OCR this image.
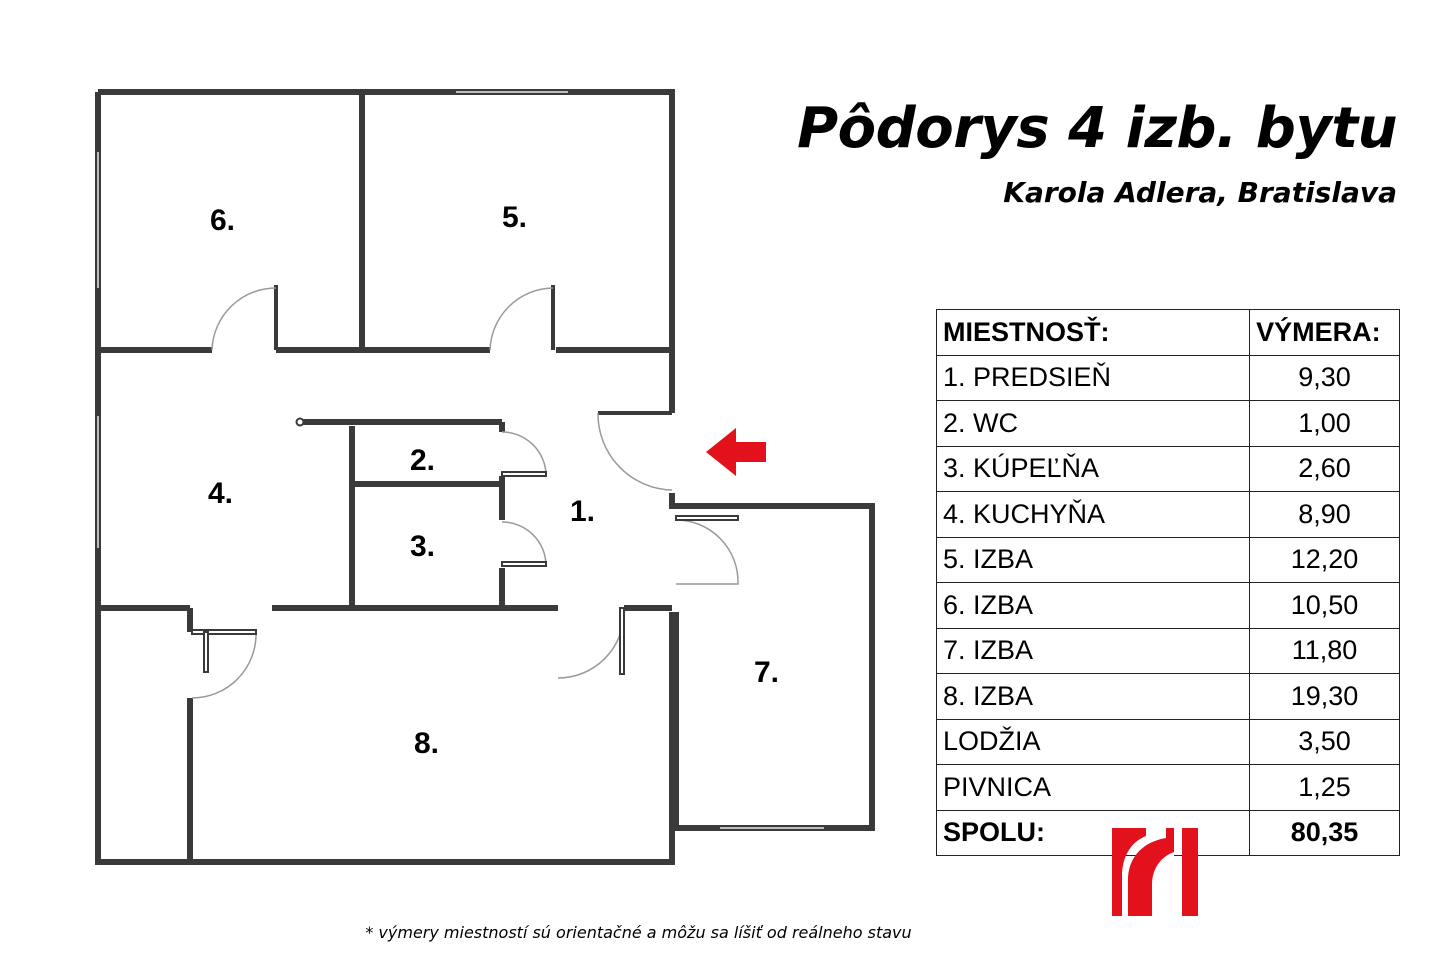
1.
2.
3.
4.
5.
6.
7.
8.
Pôdorys 4 izb. bytu
Karola Adlera, Bratislava
MIESTNOSŤ:	VÝMERA:
1. PREDSIEŇ	9,30
2. WC	1,00
3. KÚPEĽŇA	2,60
4. KUCHYŇA	8,90
5. IZBA	12,20
6. IZBA	10,50
7. IZBA	11,80
8. IZBA	19,30
LODŽIA	3,50
PIVNICA	1,25
SPOLU:	80,35
* výmery miestností sú orientačné a môžu sa líšiť od reálneho stavu
